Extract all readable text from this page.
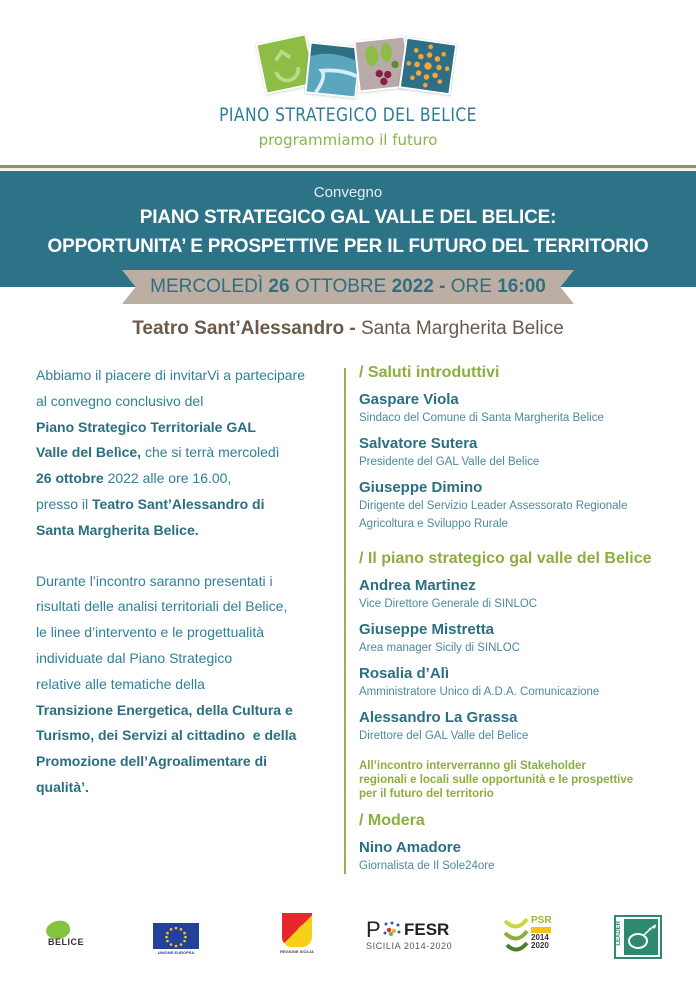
PIANO STRATEGICO DEL BELICE
programmiamo il futuro
Convegno
PIANO STRATEGICO GAL VALLE DEL BELICE:
OPPORTUNITA’ E PROSPETTIVE PER IL FUTURO DEL TERRITORIO
MERCOLEDÌ 26 OTTOBRE 2022 - ORE 16:00
Teatro Sant’Alessandro - Santa Margherita Belice

Abbiamo il piacere di invitarVi a partecipare

al convegno conclusivo del

Piano Strategico Territoriale GAL

Valle del Belìce, che si terrà mercoledì

26 ottobre 2022 alle ore 16.00,

presso il Teatro Sant’Alessandro di

Santa Margherita Belice.

Durante l’incontro saranno presentati i

risultati delle analisi territoriali del Belice,

le linee d’intervento e le progettualità

individuate dal Piano Strategico

relative alle tematiche della

Transizione Energetica, della Cultura e

Turismo, dei Servizi al cittadino  e della

Promozione dell’Agroalimentare di

qualità’.

/ Saluti introduttivi
Gaspare Viola
Sindaco del Comune di Santa Margherita Belice
Salvatore Sutera
Presidente del GAL Valle del Belice
Giuseppe Dimino
Dirigente del Servizio Leader Assessorato Regionale
Agricoltura e Sviluppo Rurale
/ Il piano strategico gal valle del Belice
Andrea Martinez
Vice Direttore Generale di SINLOC
Giuseppe Mistretta
Area manager Sicily di SINLOC
Rosalia d’Alì
Amministratore Unico di A.D.A. Comunicazione
Alessandro La Grassa
Direttore del GAL Valle del Belice
All’incontro interverranno gli Stakeholder
regionali e locali sulle opportunità e le prospettive
per il futuro del territorio
/ Modera
Nino Amadore
Giornalista de Il Sole24ore
BELICE
UNIONE EUROPEA	REGIONE SICILIA
P FESR
SICILIA 2014-2020
PSR
2014
2020	LEADER
